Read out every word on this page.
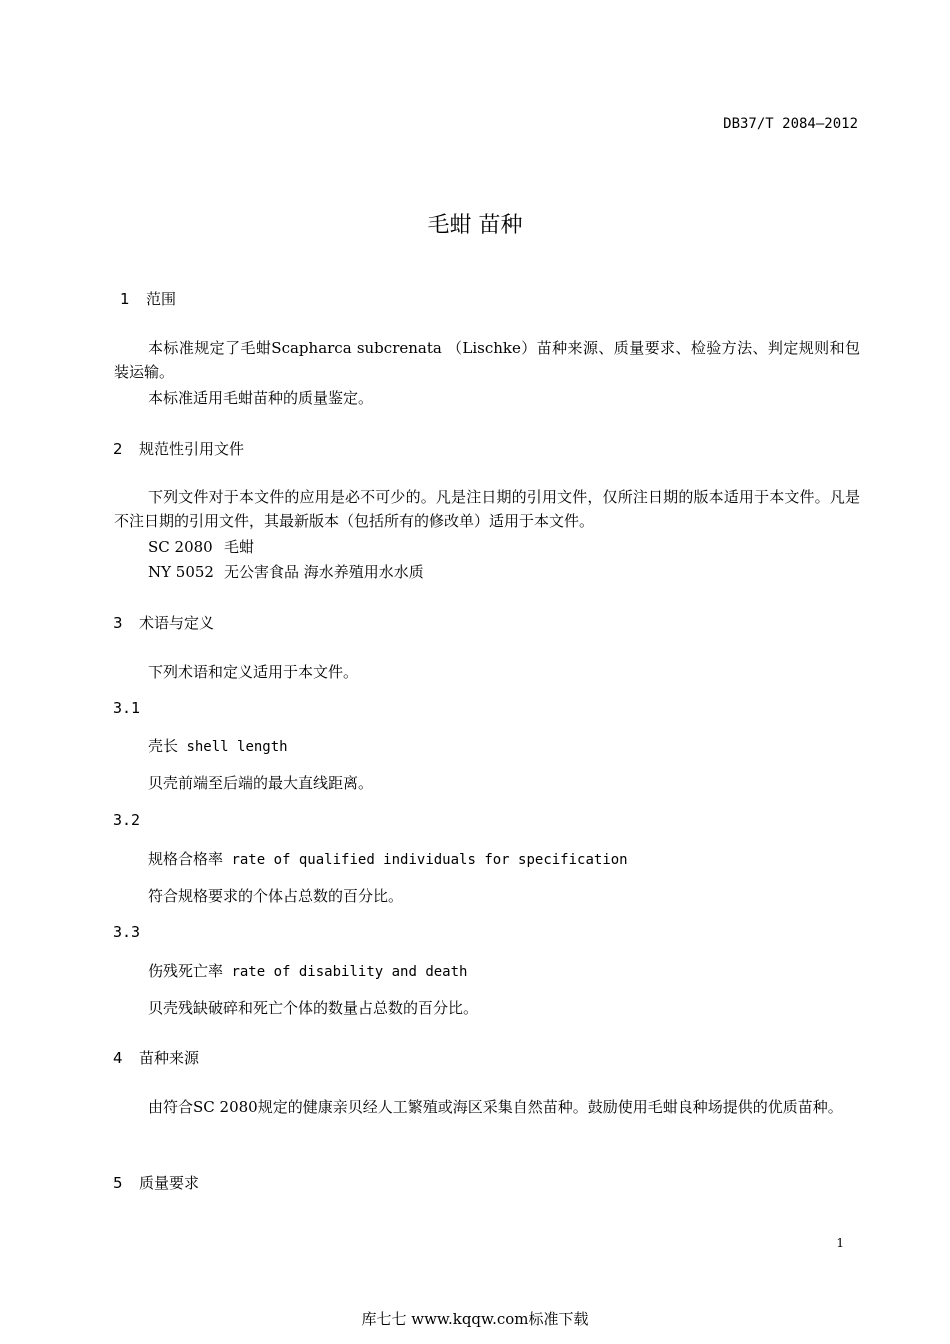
DB37/T 2084—2012
毛蚶 苗种
1 范围
本标准规定了毛蚶Scapharca subcrenata （Lischke）苗种来源、质量要求、检验方法、判定规则和包装运输。
本标准适用毛蚶苗种的质量鉴定。
2 规范性引用文件
下列文件对于本文件的应用是必不可少的。凡是注日期的引用文件，仅所注日期的版本适用于本文件。凡是不注日期的引用文件，其最新版本（包括所有的修改单）适用于本文件。
SC 2080 毛蚶
NY 5052 无公害食品 海水养殖用水水质
3 术语与定义
下列术语和定义适用于本文件。
3.1
壳长 shell length
贝壳前端至后端的最大直线距离。
3.2
规格合格率 rate of qualified individuals for specification
符合规格要求的个体占总数的百分比。
3.3
伤残死亡率 rate of disability and death
贝壳残缺破碎和死亡个体的数量占总数的百分比。
4 苗种来源
由符合SC 2080规定的健康亲贝经人工繁殖或海区采集自然苗种。鼓励使用毛蚶良种场提供的优质苗种。
5 质量要求
1
库七七 www.kqqw.com标准下载
